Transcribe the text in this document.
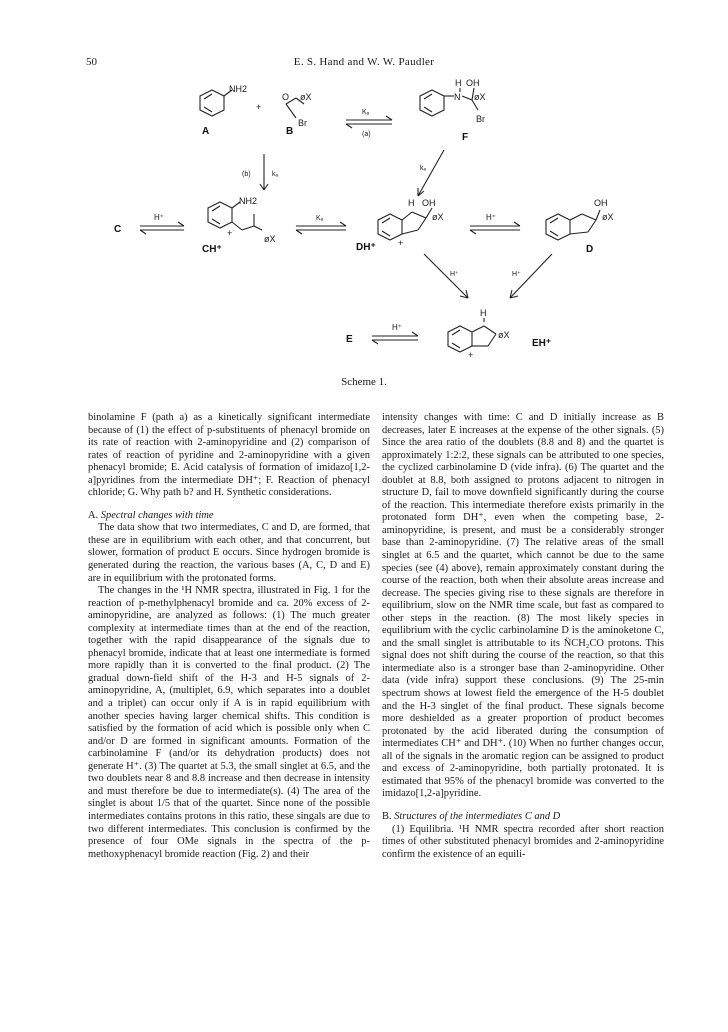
50	E. S. Hand and W. W. Paudler
NH2
O øX
Br
H OH
N øX
Br
NH2
+
øX
H OH
øX
+
OH
øX
H
øX
+
+
Kₐ
(a)
(b)	kₐ
kₐ
H⁺	Kₐ	H⁺
H⁺	H⁺
H⁺
A	B
F
C
CH⁺	DH⁺	D
E	EH⁺
Scheme 1.

binolamine F (path a) as a kinetically significant intermediate because of (1) the effect of p-substituents of phenacyl bromide on its rate of reaction with 2-aminopyridine and (2) comparison of rates of reaction of pyridine and 2-aminopyridine with a given phenacyl bromide; E. Acid catalysis of formation of imidazo[1,2-a]pyridines from the intermediate DH⁺; F. Reaction of phenacyl chloride; G. Why path b? and H. Synthetic considerations.

A. Spectral changes with time

The data show that two intermediates, C and D, are formed, that these are in equilibrium with each other, and that concurrent, but slower, formation of product E occurs. Since hydrogen bromide is generated during the reaction, the various bases (A, C, D and E) are in equilibrium with the protonated forms.

The changes in the ¹H NMR spectra, illustrated in Fig. 1 for the reaction of p-methylphenacyl bromide and ca. 20% excess of 2-aminopyridine, are analyzed as follows: (1) The much greater complexity at intermediate times than at the end of the reaction, together with the rapid disappearance of the signals due to phenacyl bromide, indicate that at least one intermediate is formed more rapidly than it is converted to the final product. (2) The gradual down-field shift of the H-3 and H-5 signals of 2-aminopyridine, A, (multiplet, 6.9, which separates into a doublet and a triplet) can occur only if A is in rapid equilibrium with another species having larger chemical shifts. This condition is satisfied by the formation of acid which is possible only when C and/or D are formed in significant amounts. Formation of the carbinolamine F (and/or its dehydration products) does not generate H⁺. (3) The quartet at 5.3, the small singlet at 6.5, and the two doublets near 8 and 8.8 increase and then decrease in intensity and must therefore be due to intermediate(s). (4) The area of the singlet is about 1/5 that of the quartet. Since none of the possible intermediates contains protons in this ratio, these singals are due to two different intermediates. This conclusion is confirmed by the presence of four OMe signals in the spectra of the p-methoxyphenacyl bromide reaction (Fig. 2) and their

intensity changes with time: C and D initially increase as B decreases, later E increases at the expense of the other signals. (5) Since the area ratio of the doublets (8.8 and 8) and the quartet is approximately 1:2:2, these signals can be attributed to one species, the cyclized carbinolamine D (vide infra). (6) The quartet and the doublet at 8.8, both assigned to protons adjacent to nitrogen in structure D, fail to move downfield significantly during the course of the reaction. This intermediate therefore exists primarily in the protonated form DH⁺, even when the competing base, 2-aminopyridine, is present, and must be a considerably stronger base than 2-aminopyridine. (7) The relative areas of the small singlet at 6.5 and the quartet, which cannot be due to the same species (see (4) above), remain approximately constant during the course of the reaction, both when their absolute areas increase and decrease. The species giving rise to these signals are therefore in equilibrium, slow on the NMR time scale, but fast as compared to other steps in the reaction. (8) The most likely species in equilibrium with the cyclic carbinolamine D is the aminoketone C, and the small singlet is attributable to its N̈CH₂CO protons. This signal does not shift during the course of the reaction, so that this intermediate also is a stronger base than 2-aminopyridine. Other data (vide infra) support these conclusions. (9) The 25-min spectrum shows at lowest field the emergence of the H-5 doublet and the H-3 singlet of the final product. These signals become more deshielded as a greater proportion of product becomes protonated by the acid liberated during the consumption of intermediates CH⁺ and DH⁺. (10) When no further changes occur, all of the signals in the aromatic region can be assigned to product and excess of 2-aminopyridine, both partially protonated. It is estimated that 95% of the phenacyl bromide was converted to the imidazo[1,2-a]pyridine.

B. Structures of the intermediates C and D

(1) Equilibria. ¹H NMR spectra recorded after short reaction times of other substituted phenacyl bromides and 2-aminopyridine confirm the existence of an equili-
